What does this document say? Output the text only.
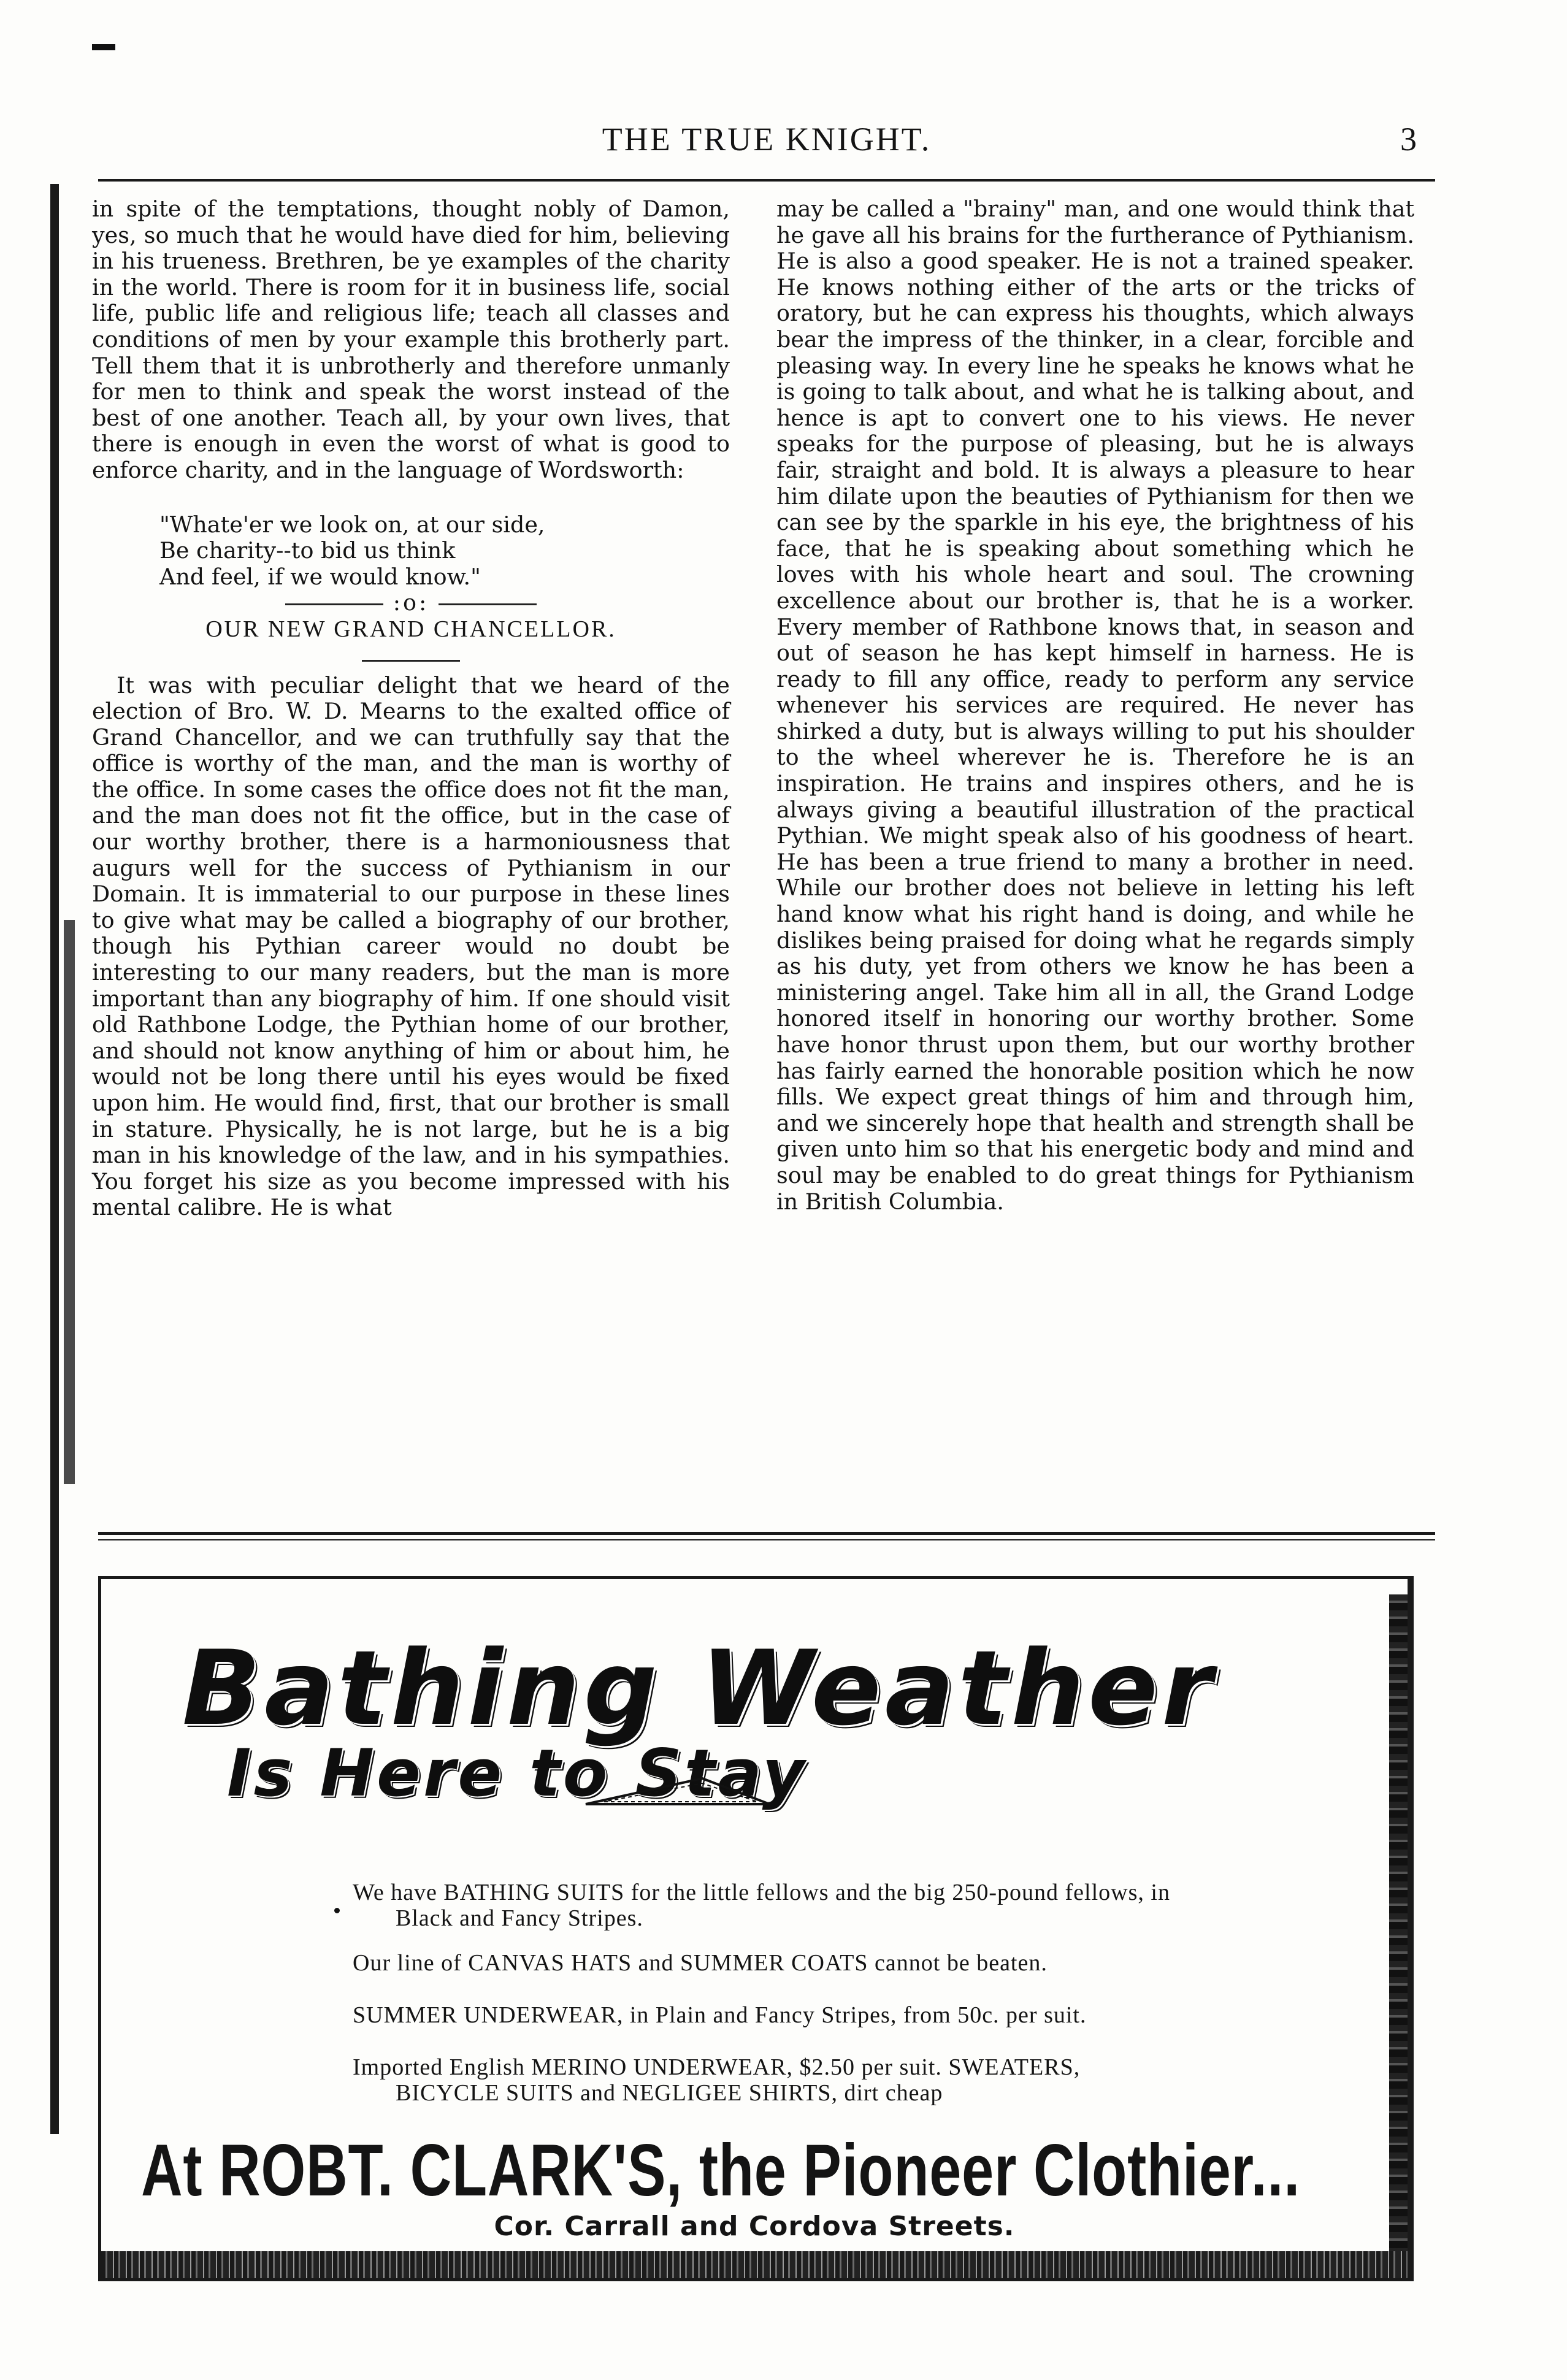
THE TRUE KNIGHT.	3

in spite of the temptations, thought nobly of Damon, yes, so much that he would have died for him, believing in his trueness. Brethren, be ye examples of the charity in the world. There is room for it in business life, social life, public life and religious life; teach all classes and conditions of men by your example this brotherly part. Tell them that it is unbrotherly and therefore unmanly for men to think and speak the worst instead of the best of one another. Teach all, by your own lives, that there is enough in even the worst of what is good to enforce charity, and in the language of Wordsworth:

"Whate'er we look on, at our side,
Be charity--to bid us think
And feel, if we would know."

:o:

OUR NEW GRAND CHANCELLOR.

It was with peculiar delight that we heard of the election of Bro. W. D. Mearns to the exalted office of Grand Chancellor, and we can truthfully say that the office is worthy of the man, and the man is worthy of the office. In some cases the office does not fit the man, and the man does not fit the office, but in the case of our worthy brother, there is a harmoniousness that augurs well for the success of Pythianism in our Domain. It is immaterial to our purpose in these lines to give what may be called a biography of our brother, though his Pythian career would no doubt be interesting to our many readers, but the man is more important than any biography of him. If one should visit old Rathbone Lodge, the Pythian home of our brother, and should not know anything of him or about him, he would not be long there until his eyes would be fixed upon him. He would find, first, that our brother is small in stature. Physically, he is not large, but he is a big man in his knowledge of the law, and in his sympathies. You forget his size as you become impressed with his mental calibre. He is what

may be called a "brainy" man, and one would think that he gave all his brains for the furtherance of Pythianism. He is also a good speaker. He is not a trained speaker. He knows nothing either of the arts or the tricks of oratory, but he can express his thoughts, which always bear the impress of the thinker, in a clear, forcible and pleasing way. In every line he speaks he knows what he is going to talk about, and what he is talking about, and hence is apt to convert one to his views. He never speaks for the purpose of pleasing, but he is always fair, straight and bold. It is always a pleasure to hear him dilate upon the beauties of Pythianism for then we can see by the sparkle in his eye, the brightness of his face, that he is speaking about something which he loves with his whole heart and soul. The crowning excellence about our brother is, that he is a worker. Every member of Rathbone knows that, in season and out of season he has kept himself in harness. He is ready to fill any office, ready to perform any service whenever his services are required. He never has shirked a duty, but is always willing to put his shoulder to the wheel wherever he is. Therefore he is an inspiration. He trains and inspires others, and he is always giving a beautiful illustration of the practical Pythian. We might speak also of his goodness of heart. He has been a true friend to many a brother in need. While our brother does not believe in letting his left hand know what his right hand is doing, and while he dislikes being praised for doing what he regards simply as his duty, yet from others we know he has been a ministering angel. Take him all in all, the Grand Lodge honored itself in honoring our worthy brother. Some have honor thrust upon them, but our worthy brother has fairly earned the honorable position which he now fills. We expect great things of him and through him, and we sincerely hope that health and strength shall be given unto him so that his energetic body and mind and soul may be enabled to do great things for Pythianism in British Columbia.

Bathing Weather
Is Here to Stay
We have BATHING SUITS for the little fellows and the big 250-pound fellows, in
Black and Fancy Stripes.
Our line of CANVAS HATS and SUMMER COATS cannot be beaten.
SUMMER UNDERWEAR, in Plain and Fancy Stripes, from 50c. per suit.
Imported English MERINO UNDERWEAR, $2.50 per suit. SWEATERS,
BICYCLE SUITS and NEGLIGEE SHIRTS, dirt cheap
At ROBT. CLARK'S, the Pioneer Clothier...
Cor. Carrall and Cordova Streets.
